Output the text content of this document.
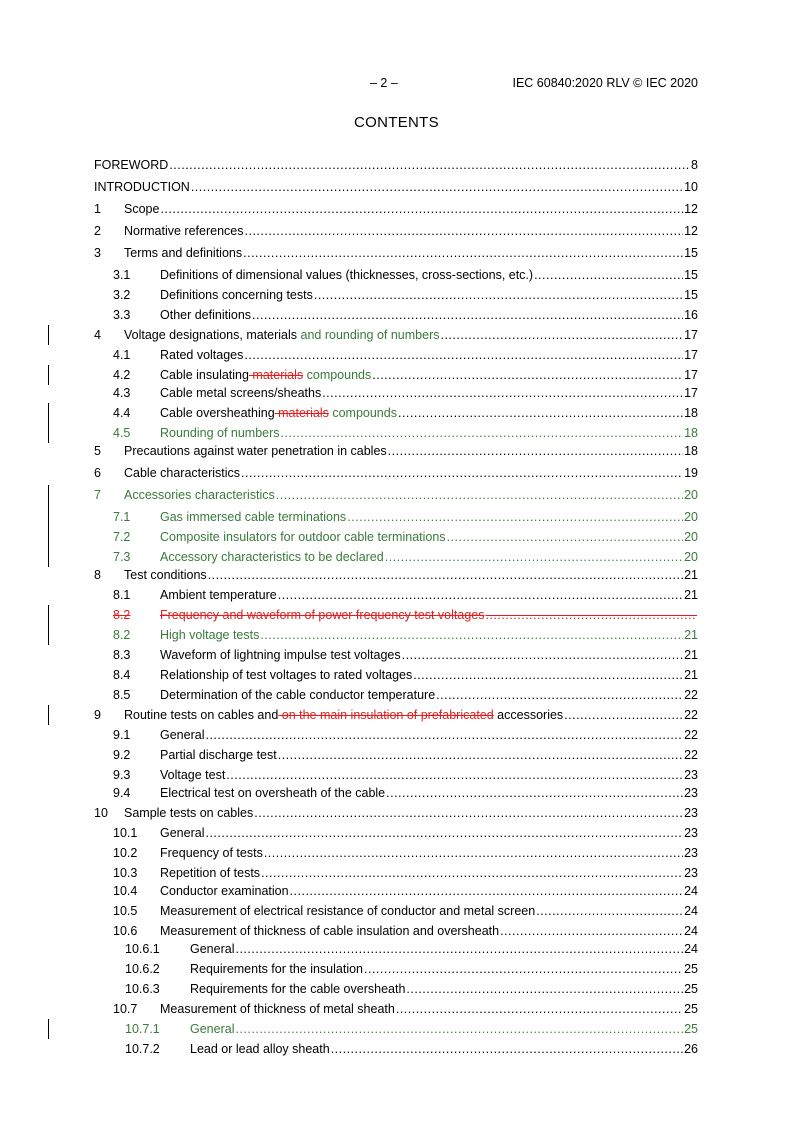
– 2 –	IEC 60840:2020 RLV © IEC 2020
CONTENTS
FOREWORD .....	8
INTRODUCTION .....	10
1 Scope .....	12
2 Normative references .....	12
3 Terms and definitions .....	15
3.1 Definitions of dimensional values (thicknesses, cross-sections, etc.) .....	15
3.2 Definitions concerning tests .....	15
3.3 Other definitions .....	16
4 Voltage designations, materials and rounding of numbers .....	17
4.1 Rated voltages .....	17
4.2 Cable insulating materials compounds .....	17
4.3 Cable metal screens/sheaths .....	17
4.4 Cable oversheathing materials compounds .....	18
4.5 Rounding of numbers .....	18
5 Precautions against water penetration in cables .....	18
6 Cable characteristics .....	19
7 Accessories characteristics .....	20
7.1 Gas immersed cable terminations .....	20
7.2 Composite insulators for outdoor cable terminations .....	20
7.3 Accessory characteristics to be declared .....	20
8 Test conditions .....	21
8.1 Ambient temperature .....	21
8.2 Frequency and waveform of power frequency test voltages
.....
8.2 High voltage tests .....	21
8.3 Waveform of lightning impulse test voltages .....	21
8.4 Relationship of test voltages to rated voltages .....	21
8.5 Determination of the cable conductor temperature .....	22
9 Routine tests on cables and on the main insulation of prefabricated accessories .....	22
9.1 General .....	22
9.2 Partial discharge test .....	22
9.3 Voltage test .....	23
9.4 Electrical test on oversheath of the cable .....	23
10 Sample tests on cables .....	23
10.1 General .....	23
10.2 Frequency of tests .....	23
10.3 Repetition of tests .....	23
10.4 Conductor examination .....	24
10.5 Measurement of electrical resistance of conductor and metal screen .....	24
10.6 Measurement of thickness of cable insulation and oversheath .....	24
10.6.1 General .....	24
10.6.2 Requirements for the insulation .....	25
10.6.3 Requirements for the cable oversheath .....	25
10.7 Measurement of thickness of metal sheath .....	25
10.7.1 General .....	25
10.7.2 Lead or lead alloy sheath .....	26
